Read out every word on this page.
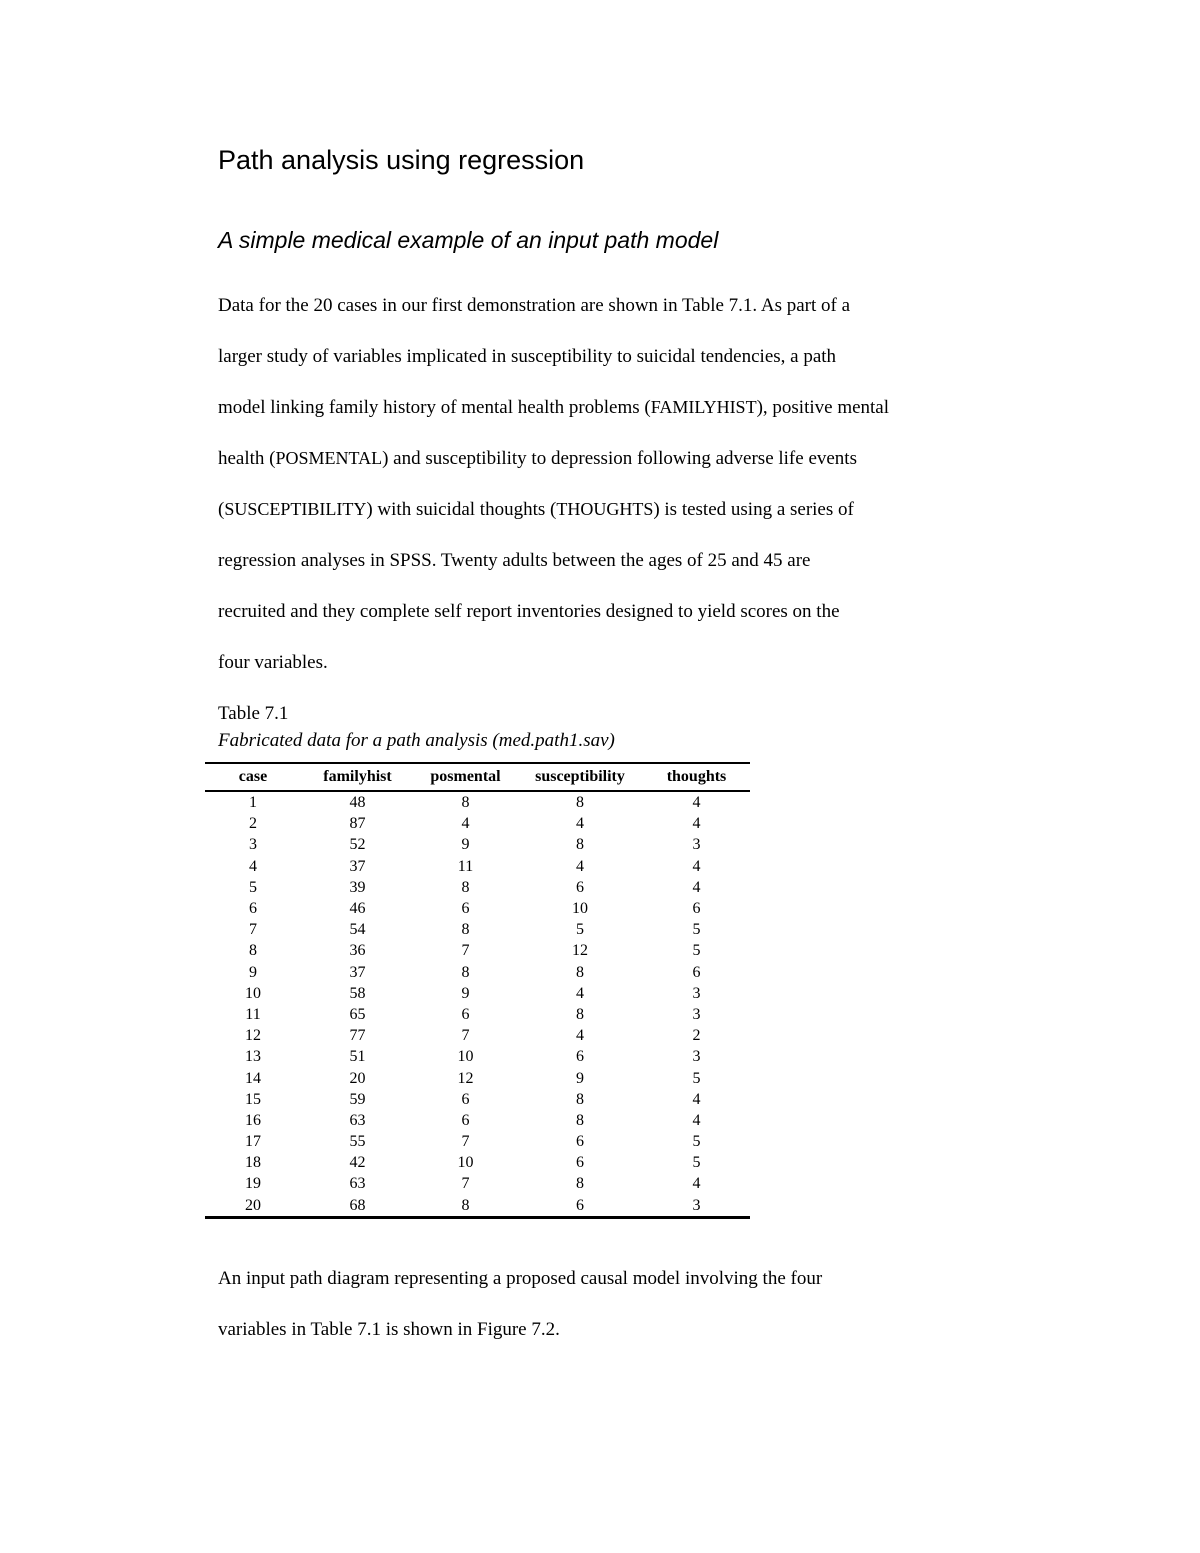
Path analysis using regression
A simple medical example of an input path model

Data for the 20 cases in our first demonstration are shown in Table 7.1. As part of a
larger study of variables implicated in susceptibility to suicidal tendencies, a path
model linking family history of mental health problems (FAMILYHIST), positive mental
health (POSMENTAL) and susceptibility to depression following adverse life events
(SUSCEPTIBILITY) with suicidal thoughts (THOUGHTS) is tested using a series of
regression analyses in SPSS. Twenty adults between the ages of 25 and 45 are
recruited and they complete self report inventories designed to yield scores on the
four variables.

Table 7.1
Fabricated data for a path analysis (med.path1.sav)
case	familyhist	posmental	susceptibility	thoughts
1	48	8	8	4
2	87	4	4	4
3	52	9	8	3
4	37	11	4	4
5	39	8	6	4
6	46	6	10	6
7	54	8	5	5
8	36	7	12	5
9	37	8	8	6
10	58	9	4	3
11	65	6	8	3
12	77	7	4	2
13	51	10	6	3
14	20	12	9	5
15	59	6	8	4
16	63	6	8	4
17	55	7	6	5
18	42	10	6	5
19	63	7	8	4
20	68	8	6	3

An input path diagram representing a proposed causal model involving the four
variables in Table 7.1 is shown in Figure 7.2.
